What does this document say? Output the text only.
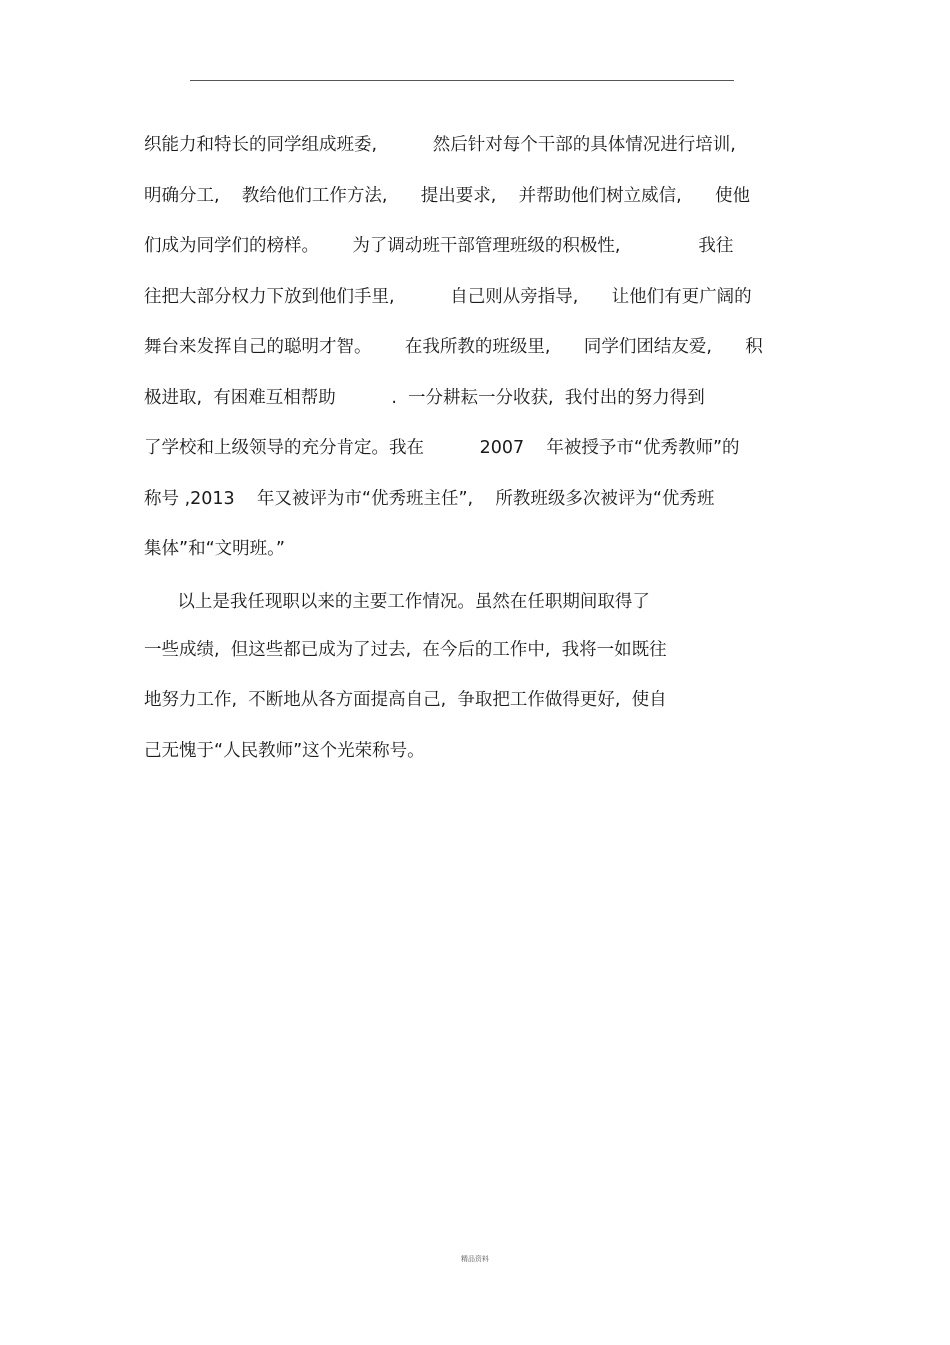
织能力和特长的同学组成班委,          然后针对每个干部的具体情况进行培训,
明确分工,    教给他们工作方法,      提出要求,    并帮助他们树立威信,      使他
们成为同学们的榜样。      为了调动班干部管理班级的积极性,              我往
往把大部分权力下放到他们手里,          自己则从旁指导,      让他们有更广阔的
舞台来发挥自己的聪明才智。      在我所教的班级里,      同学们团结友爱,      积
极进取,  有困难互相帮助          .  一分耕耘一分收获,  我付出的努力得到
了学校和上级领导的充分肯定。我在          2007    年被授予市“优秀教师”的
称号 ,2013    年又被评为市“优秀班主任”,    所教班级多次被评为“优秀班
集体”和“文明班。”
以上是我任现职以来的主要工作情况。虽然在任职期间取得了
一些成绩,  但这些都已成为了过去,  在今后的工作中,  我将一如既往
地努力工作,  不断地从各方面提高自己,  争取把工作做得更好,  使自
己无愧于“人民教师”这个光荣称号。
精品资料
